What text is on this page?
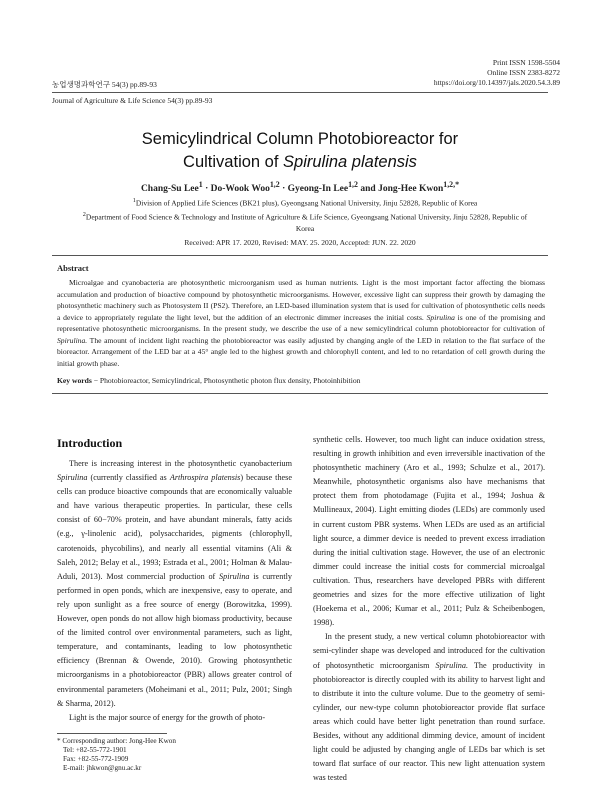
Print ISSN 1598-5504
Online ISSN 2383-8272
https://doi.org/10.14397/jals.2020.54.3.89
농업생명과학연구 54(3) pp.89-93
Journal of Agriculture & Life Science 54(3) pp.89-93
Semicylindrical Column Photobioreactor for
Cultivation of Spirulina platensis
Chang-Su Lee$^1$ · Do-Wook Woo$^{1,2}$ · Gyeong-In Lee$^{1,2}$ and Jong-Hee Kwon$^{1,2,*}$
$^1$Division of Applied Life Sciences (BK21 plus), Gyeongsang National University, Jinju 52828, Republic of Korea
$^2$Department of Food Science & Technology and Institute of Agriculture & Life Science, Gyeongsang National University, Jinju 52828, Republic of Korea
Received: APR 17. 2020, Revised: MAY. 25. 2020, Accepted: JUN. 22. 2020
Abstract
Microalgae and cyanobacteria are photosynthetic microorganism used as human nutrients. Light is the most important factor affecting the biomass accumulation and production of bioactive compound by photosynthetic microorganisms. However, excessive light can suppress their growth by damaging the photosynthetic machinery such as Photosystem II (PS2). Therefore, an LED-based illumination system that is used for cultivation of photosynthetic cells needs a device to appropriately regulate the light level, but the addition of an electronic dimmer increases the initial costs. Spirulina is one of the promising and representative photosynthetic microorganisms. In the present study, we describe the use of a new semicylindrical column photobioreactor for cultivation of Spirulina. The amount of incident light reaching the photobioreactor was easily adjusted by changing angle of the LED in relation to the flat surface of the bioreactor. Arrangement of the LED bar at a 45° angle led to the highest growth and chlorophyll content, and led to no retardation of cell growth during the initial growth phase.
Key words − Photobioreactor, Semicylindrical, Photosynthetic photon flux density, Photoinhibition
Introduction

There is increasing interest in the photosynthetic cyanobacterium Spirulina (currently classified as Arthrospira platensis) because these cells can produce bioactive compounds that are economically valuable and have various therapeutic properties. In particular, these cells consist of 60−70% protein, and have abundant minerals, fatty acids (e.g., γ-linolenic acid), polysaccharides, pigments (chlorophyll, carotenoids, phycobilins), and nearly all essential vitamins (Ali & Saleh, 2012; Belay et al., 1993; Estrada et al., 2001; Holman & Malau-Aduli, 2013). Most commercial production of Spirulina is currently performed in open ponds, which are inexpensive, easy to operate, and rely upon sunlight as a free source of energy (Borowitzka, 1999). However, open ponds do not allow high biomass productivity, because of the limited control over environmental parameters, such as light, temperature, and contaminants, leading to low photosynthetic efficiency (Brennan & Owende, 2010). Growing photosynthetic microorganisms in a photobioreactor (PBR) allows greater control of environmental parameters (Moheimani et al., 2011; Pulz, 2001; Singh & Sharma, 2012).

Light is the major source of energy for the growth of photo-

synthetic cells. However, too much light can induce oxidation stress, resulting in growth inhibition and even irreversible inactivation of the photosynthetic machinery (Aro et al., 1993; Schulze et al., 2017). Meanwhile, photosynthetic organisms also have mechanisms that protect them from photodamage (Fujita et al., 1994; Joshua & Mullineaux, 2004). Light emitting diodes (LEDs) are commonly used in current custom PBR systems. When LEDs are used as an artificial light source, a dimmer device is needed to prevent excess irradiation during the initial cultivation stage. However, the use of an electronic dimmer could increase the initial costs for commercial microalgal cultivation. Thus, researchers have developed PBRs with different geometries and sizes for the more effective utilization of light (Hoekema et al., 2006; Kumar et al., 2011; Pulz & Scheibenbogen, 1998).

In the present study, a new vertical column photobioreactor with semi-cylinder shape was developed and introduced for the cultivation of photosynthetic microorganism Spirulina. The productivity in photobioreactor is directly coupled with its ability to harvest light and to distribute it into the culture volume. Due to the geometry of semi-cylinder, our new-type column photobioreactor provide flat surface areas which could have better light penetration than round surface. Besides, without any additional dimming device, amount of incident light could be adjusted by changing angle of LEDs bar which is set toward flat surface of our reactor. This new light attenuation system was tested

* Corresponding author: Jong-Hee Kwon
Tel: +82-55-772-1901
Fax: +82-55-772-1909
E-mail: jhkwon@gnu.ac.kr
